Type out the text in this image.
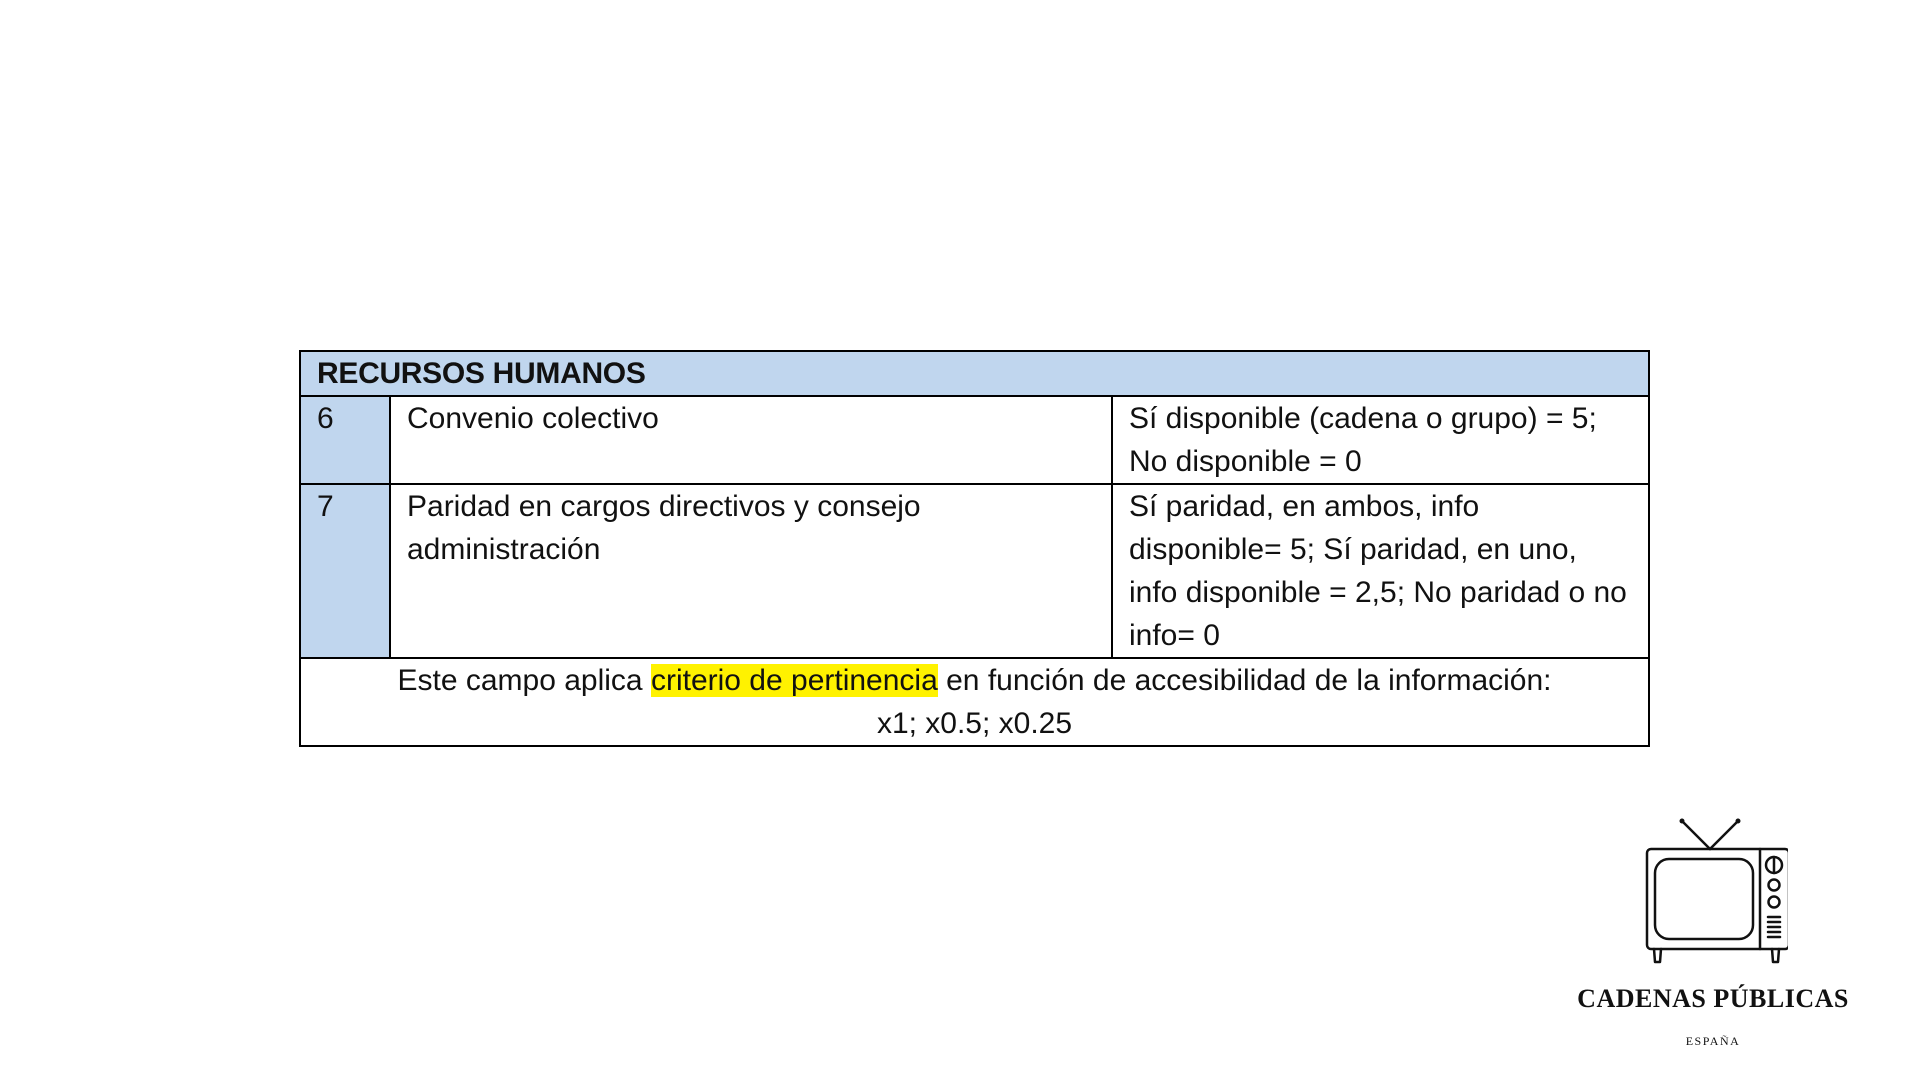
RECURSOS HUMANOS		
6	Convenio colectivo	Sí disponible (cadena o grupo) = 5; No disponible = 0
7	Paridad en cargos directivos y consejo administración	Sí paridad, en ambos, info disponible= 5; Sí paridad, en uno, info disponible = 2,5; No paridad o no info= 0

Este campo aplica criterio de pertinencia en función de accesibilidad de la información:
x1; x0.5; x0.25		
CADENAS PÚBLICAS
ESPAÑA
